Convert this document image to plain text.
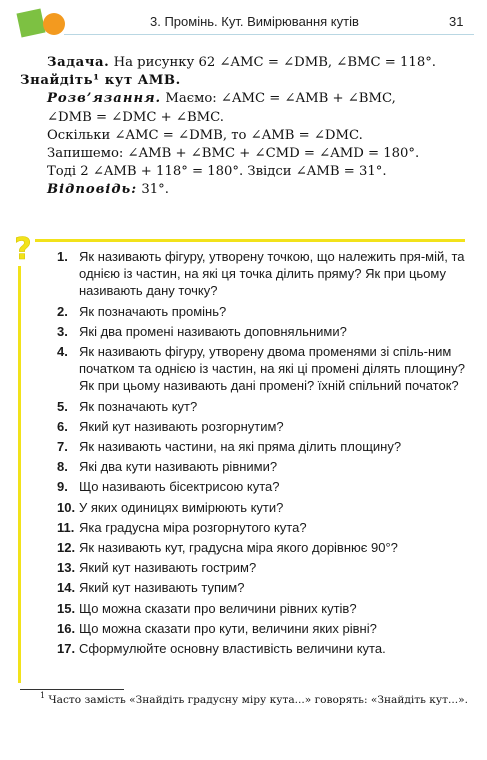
3. Промінь. Кут. Вимірювання кутів	31
Задача. На рисунку 62 ∠AMC = ∠DMB, ∠BMC = 118°.
Знайдіть¹ кут AMB.
Розв’язання. Маємо: ∠AMC = ∠AMB + ∠BMC,
∠DMB = ∠DMC + ∠BMC.
Оскільки ∠AMC = ∠DMB, то ∠AMB = ∠DMC.
Запишемо: ∠AMB + ∠BMC + ∠CMD = ∠AMD = 180°.
Тоді 2 ∠AMB + 118° = 180°. Звідси ∠AMB = 31°.
Відповідь: 31°.
? 1. Як називають фігуру, утворену точкою, що належить пря-мій, та однією із частин, на які ця точка ділить пряму? Як при цьому називають дану точку?
2. Як позначають промінь?
3. Які два промені називають доповняльними?
4. Як називають фігуру, утворену двома променями зі спіль-ним початком та однією із частин, на які ці промені ділять площину? Як при цьому називають дані промені? їхній спільний початок?
5. Як позначають кут?
6. Який кут називають розгорнутим?
7. Як називають частини, на які пряма ділить площину?
8. Які два кути називають рівними?
9. Що називають бісектрисою кута?
10. У яких одиницях вимірюють кути?
11. Яка градусна міра розгорнутого кута?
12. Як називають кут, градусна міра якого дорівнює 90°?
13. Який кут називають гострим?
14. Який кут називають тупим?
15. Що можна сказати про величини рівних кутів?
16. Що можна сказати про кути, величини яких рівні?
17. Сформулюйте основну властивість величини кута.
$^1$ Часто замість «Знайдіть градусну міру кута...» говорять: «Знайдіть кут...».
